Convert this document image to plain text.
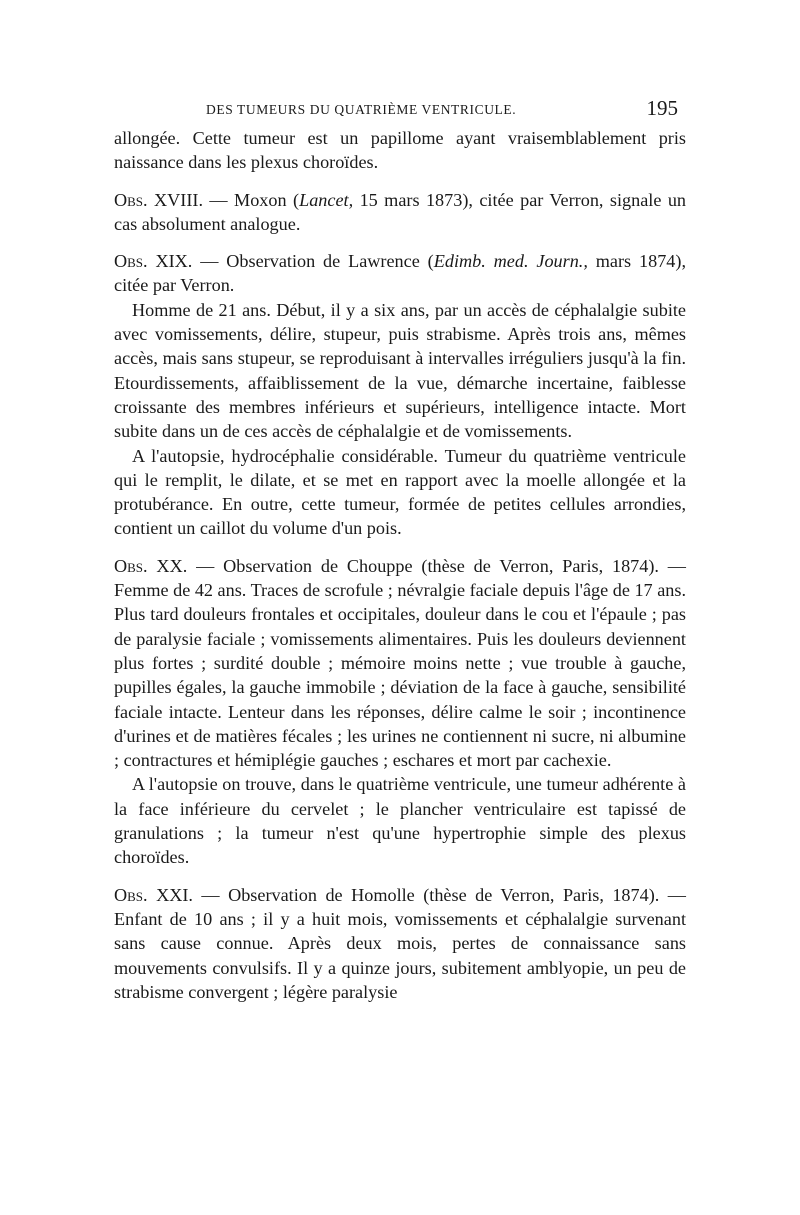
DES TUMEURS DU QUATRIÈME VENTRICULE.	195

allongée. Cette tumeur est un papillome ayant vraisemblablement pris naissance dans les plexus choroïdes.

Obs. XVIII. — Moxon (Lancet, 15 mars 1873), citée par Verron, signale un cas absolument analogue.

Obs. XIX. — Observation de Lawrence (Edimb. med. Journ., mars 1874), citée par Verron.

Homme de 21 ans. Début, il y a six ans, par un accès de céphalalgie subite avec vomissements, délire, stupeur, puis strabisme. Après trois ans, mêmes accès, mais sans stupeur, se reproduisant à intervalles irréguliers jusqu'à la fin. Etourdissements, affaiblissement de la vue, démarche incertaine, faiblesse croissante des membres inférieurs et supérieurs, intelligence intacte. Mort subite dans un de ces accès de céphalalgie et de vomissements.

A l'autopsie, hydrocéphalie considérable. Tumeur du quatrième ventricule qui le remplit, le dilate, et se met en rapport avec la moelle allongée et la protubérance. En outre, cette tumeur, formée de petites cellules arrondies, contient un caillot du volume d'un pois.

Obs. XX. — Observation de Chouppe (thèse de Verron, Paris, 1874). — Femme de 42 ans. Traces de scrofule ; névralgie faciale depuis l'âge de 17 ans. Plus tard douleurs frontales et occipitales, douleur dans le cou et l'épaule ; pas de paralysie faciale ; vomissements alimentaires. Puis les douleurs deviennent plus fortes ; surdité double ; mémoire moins nette ; vue trouble à gauche, pupilles égales, la gauche immobile ; déviation de la face à gauche, sensibilité faciale intacte. Lenteur dans les réponses, délire calme le soir ; incontinence d'urines et de matières fécales ; les urines ne contiennent ni sucre, ni albumine ; contractures et hémiplégie gauches ; eschares et mort par cachexie.

A l'autopsie on trouve, dans le quatrième ventricule, une tumeur adhérente à la face inférieure du cervelet ; le plancher ventriculaire est tapissé de granulations ; la tumeur n'est qu'une hypertrophie simple des plexus choroïdes.

Obs. XXI. — Observation de Homolle (thèse de Verron, Paris, 1874). — Enfant de 10 ans ; il y a huit mois, vomissements et céphalalgie survenant sans cause connue. Après deux mois, pertes de connaissance sans mouvements convulsifs. Il y a quinze jours, subitement amblyopie, un peu de strabisme convergent ; légère paralysie
